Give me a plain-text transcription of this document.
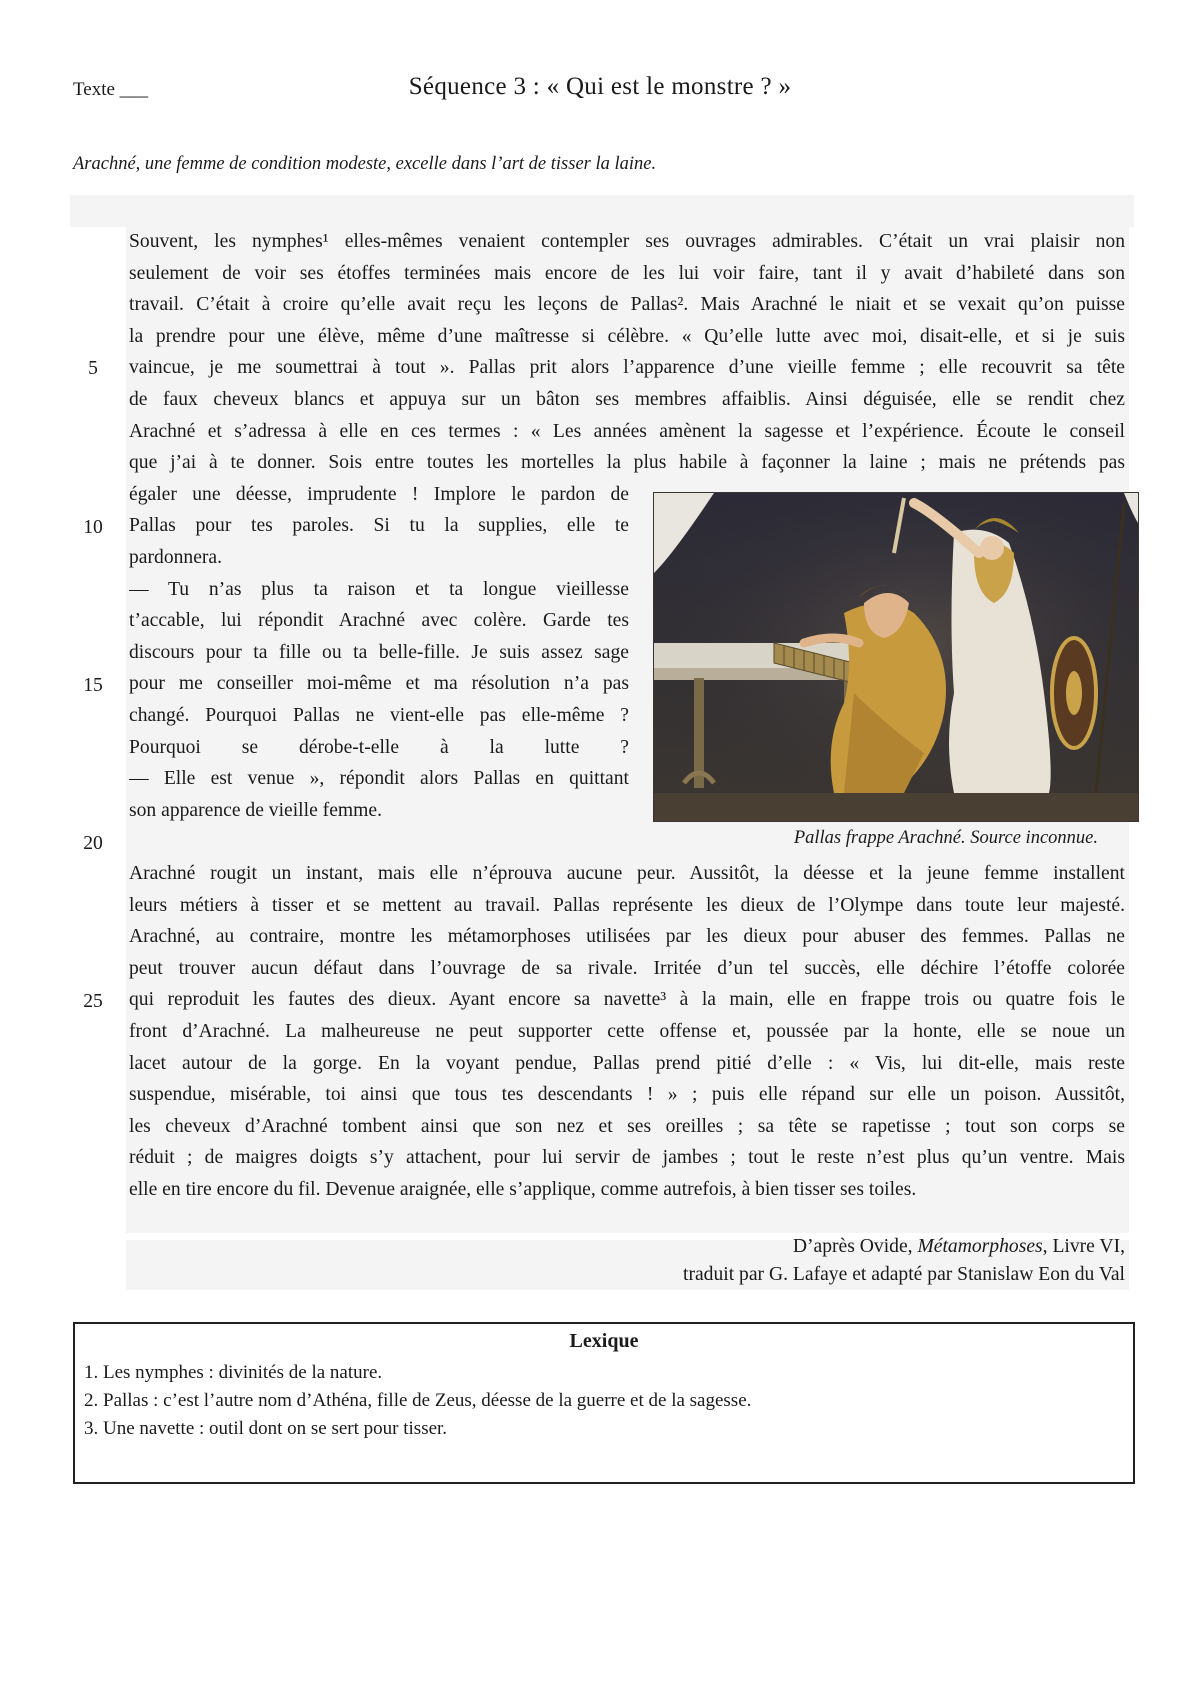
Texte ___	Séquence 3 : « Qui est le monstre ? »
Arachné, une femme de condition modeste, excelle dans l’art de tisser la laine.
Souvent, les nymphes¹ elles-mêmes venaient contempler ses ouvrages admirables. C’était un vrai plaisir non
seulement de voir ses étoffes terminées mais encore de les lui voir faire, tant il y avait d’habileté dans son
travail. C’était à croire qu’elle avait reçu les leçons de Pallas². Mais Arachné le niait et se vexait qu’on puisse
la prendre pour une élève, même d’une maîtresse si célèbre. « Qu’elle lutte avec moi, disait-elle, et si je suis
vaincue, je me soumettrai à tout ». Pallas prit alors l’apparence d’une vieille femme ; elle recouvrit sa tête
de faux cheveux blancs et appuya sur un bâton ses membres affaiblis. Ainsi déguisée, elle se rendit chez
Arachné et s’adressa à elle en ces termes : « Les années amènent la sagesse et l’expérience. Écoute le conseil
que j’ai à te donner. Sois entre toutes les mortelles la plus habile à façonner la laine ; mais ne prétends pas
égaler une déesse, imprudente ! Implore le pardon de
Pallas pour tes paroles. Si tu la supplies, elle te
pardonnera.
— Tu n’as plus ta raison et ta longue vieillesse
t’accable, lui répondit Arachné avec colère. Garde tes
discours pour ta fille ou ta belle-fille. Je suis assez sage
pour me conseiller moi-même et ma résolution n’a pas
changé. Pourquoi Pallas ne vient-elle pas elle-même ?
Pourquoi se dérobe-t-elle à la lutte ?
— Elle est venue », répondit alors Pallas en quittant
son apparence de vieille femme.
Arachné rougit un instant, mais elle n’éprouva aucune peur. Aussitôt, la déesse et la jeune femme installent
leurs métiers à tisser et se mettent au travail. Pallas représente les dieux de l’Olympe dans toute leur majesté.
Arachné, au contraire, montre les métamorphoses utilisées par les dieux pour abuser des femmes. Pallas ne
peut trouver aucun défaut dans l’ouvrage de sa rivale. Irritée d’un tel succès, elle déchire l’étoffe colorée
qui reproduit les fautes des dieux. Ayant encore sa navette³ à la main, elle en frappe trois ou quatre fois le
front d’Arachné. La malheureuse ne peut supporter cette offense et, poussée par la honte, elle se noue un
lacet autour de la gorge. En la voyant pendue, Pallas prend pitié d’elle : « Vis, lui dit-elle, mais reste
suspendue, misérable, toi ainsi que tous tes descendants ! » ; puis elle répand sur elle un poison. Aussitôt,
les cheveux d’Arachné tombent ainsi que son nez et ses oreilles ; sa tête se rapetisse ; tout son corps se
réduit ; de maigres doigts s’y attachent, pour lui servir de jambes ; tout le reste n’est plus qu’un ventre. Mais
elle en tire encore du fil. Devenue araignée, elle s’applique, comme autrefois, à bien tisser ses toiles.
5
10
15
20
25
Pallas frappe Arachné. Source inconnue.
D’après Ovide, Métamorphoses, Livre VI,
traduit par G. Lafaye et adapté par Stanislaw Eon du Val
Lexique
1. Les nymphes : divinités de la nature.
2. Pallas : c’est l’autre nom d’Athéna, fille de Zeus, déesse de la guerre et de la sagesse.
3. Une navette : outil dont on se sert pour tisser.
